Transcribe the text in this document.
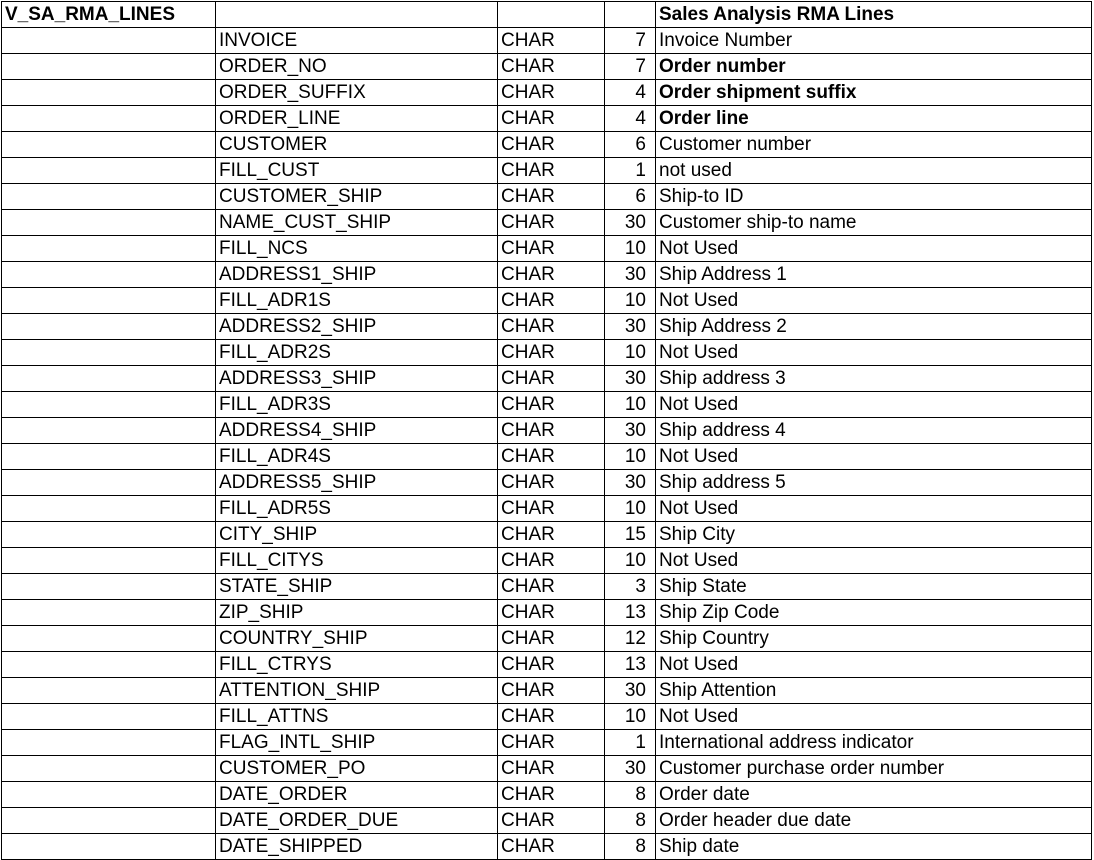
V_SA_RMA_LINES				Sales Analysis RMA Lines
	INVOICE	CHAR	7	Invoice Number
	ORDER_NO	CHAR	7	Order number
	ORDER_SUFFIX	CHAR	4	Order shipment suffix
	ORDER_LINE	CHAR	4	Order line
	CUSTOMER	CHAR	6	Customer number
	FILL_CUST	CHAR	1	not used
	CUSTOMER_SHIP	CHAR	6	Ship-to ID
	NAME_CUST_SHIP	CHAR	30	Customer ship-to name
	FILL_NCS	CHAR	10	Not Used
	ADDRESS1_SHIP	CHAR	30	Ship Address 1
	FILL_ADR1S	CHAR	10	Not Used
	ADDRESS2_SHIP	CHAR	30	Ship Address 2
	FILL_ADR2S	CHAR	10	Not Used
	ADDRESS3_SHIP	CHAR	30	Ship address 3
	FILL_ADR3S	CHAR	10	Not Used
	ADDRESS4_SHIP	CHAR	30	Ship address 4
	FILL_ADR4S	CHAR	10	Not Used
	ADDRESS5_SHIP	CHAR	30	Ship address 5
	FILL_ADR5S	CHAR	10	Not Used
	CITY_SHIP	CHAR	15	Ship City
	FILL_CITYS	CHAR	10	Not Used
	STATE_SHIP	CHAR	3	Ship State
	ZIP_SHIP	CHAR	13	Ship Zip Code
	COUNTRY_SHIP	CHAR	12	Ship Country
	FILL_CTRYS	CHAR	13	Not Used
	ATTENTION_SHIP	CHAR	30	Ship Attention
	FILL_ATTNS	CHAR	10	Not Used
	FLAG_INTL_SHIP	CHAR	1	International address indicator
	CUSTOMER_PO	CHAR	30	Customer purchase order number
	DATE_ORDER	CHAR	8	Order date
	DATE_ORDER_DUE	CHAR	8	Order header due date
	DATE_SHIPPED	CHAR	8	Ship date
